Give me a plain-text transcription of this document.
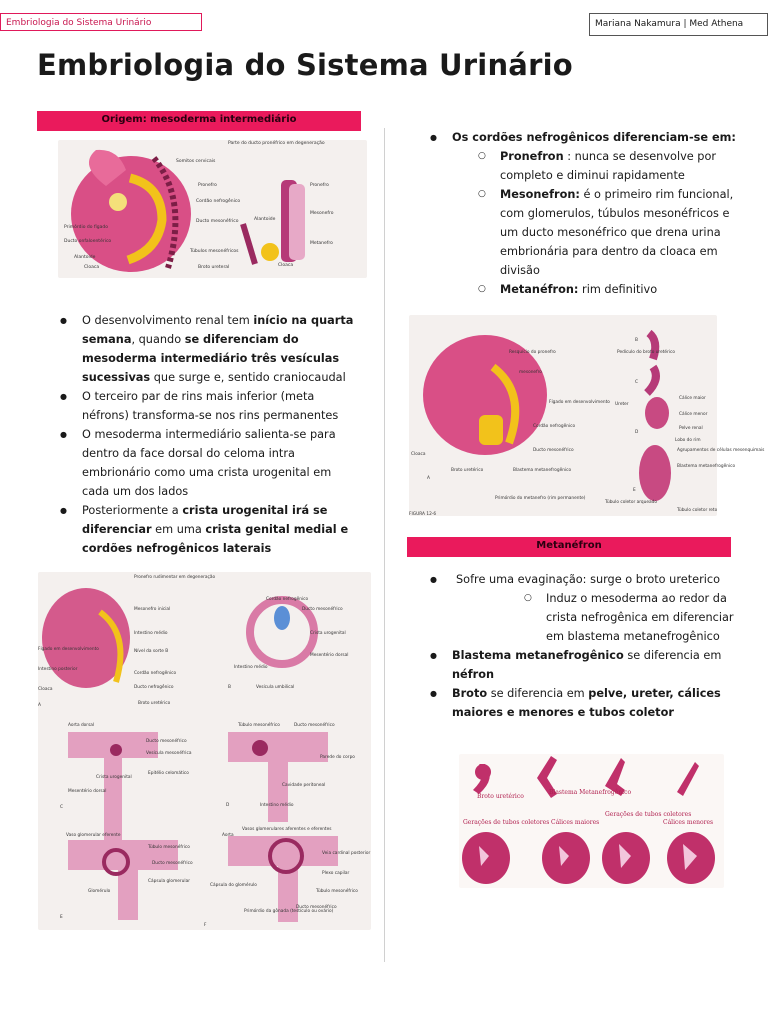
Embriologia do Sistema Urinário	Mariana Nakamura | Med Athena
Embriologia do Sistema Urinário
Origem: mesoderma intermediário
Somitos cervicais
Parte do ducto pronéfrico em degeneração
Pronefro
Cordão nefrogênico
Ducto mesonéfrico	Alantoide
Primórdio do fígado
Ducto onfaloentérico
Alantoide
Cloaca
Túbulos mesonéfricos
Broto ureteral
Pronefro
Mesonefro
Metanefro
Cloaca
● O desenvolvimento renal tem início na quarta semana, quando se diferenciam do mesoderma intermediário três vesículas sucessivas que surge e, sentido craniocaudal
● O terceiro par de rins mais inferior (meta néfrons) transforma-se nos rins permanentes
● O mesoderma intermediário salienta-se para dentro da face dorsal do celoma intra embrionário como uma crista urogenital em cada um dos lados
● Posteriormente a crista urogenital irá se diferenciar em uma crista genital medial e cordões nefrogênicos laterais
Pronefro rudimentar em degeneração
Mesonefro inicial
Intestino médio
Nível da sorte B
Fígado em desenvolvimento
Intestino posterior
Cloaca
Cordão nefrogênico
Ducto nefrogênico
Broto uretérico
A
Cordão nefrogênico
Ducto mesonéfrico
Crista urogenital
Mesentério dorsal
Intestino médio
Vesícula umbilical
B
Aorta dorsal
Ducto mesonéfrico
Vesícula mesonéfrica
Crista urogenital
Epitélio celomático
Mesentério dorsal
C
Túbulo mesonéfrico	Ducto mesonéfrico
Parede do corpo
Cavidade peritoneal
Intestino médio
D
Vaso glomerular eferente
Túbulo mesonéfrico
Ducto mesonéfrico
Cápsula glomerular
Glomérulo
E
Aorta
Vasos glomerulares aferentes e eferentes
Veia cardinal posterior
Plexo capilar
Cápsula do glomérulo
Túbulo mesonéfrico
Ducto mesonéfrico
Primórdio da gônada (testículo ou ovário)
F
● Os cordões nefrogênicos diferenciam-se em:
○ Pronefron : nunca se desenvolve por completo e diminui rapidamente
○ Mesonefron: é o primeiro rim funcional, com glomerulos, túbulos mesonéfricos e um ducto mesonéfrico que drena urina embrionária para dentro da cloaca em divisão
○ Metanéfron: rim definitivo
Resquício do pronefro
mesonefro
Fígado em desenvolvimento
Cordão nefrogênico
Ducto mesonéfrico
Cloaca
Broto uretérico	Blastema metanefrogênico
A
Primórdio do metanefro (rim permanente)
B
Pedículo do broto uretérico
C
Ureter
Cálice maior
Cálice menor
D
Pelve renal
Lobo do rim
Agrupamentos de células mesenquimais
Blastema metanefrogênico
Túbulo coletor arqueado
E
Túbulo coletor reto
FIGURA 12-6
Metanéfron
● Sofre uma evaginação: surge o broto ureterico
○ Induz o mesoderma ao redor da crista nefrogênica em diferenciar em blastema metanefrogênico
● Blastema metanefrogênico se diferencia em néfron
● Broto se diferencia em pelve, ureter, cálices maiores e menores e tubos coletor
Broto uretérico
Blastema Metanefrogênico
Gerações de tubos coletores Cálices maiores
Gerações de tubos coletores
Cálices menores
